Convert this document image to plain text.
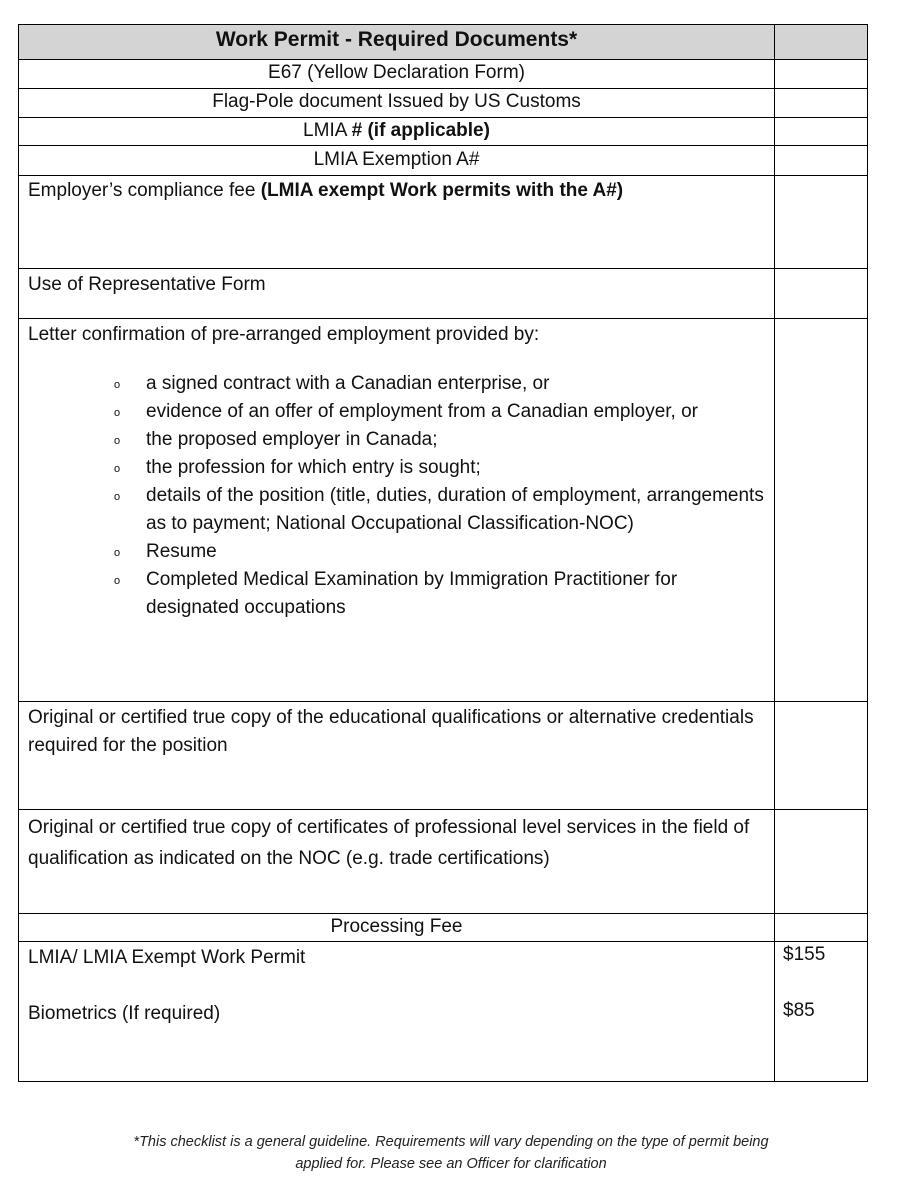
Work Permit - Required Documents*
E67 (Yellow Declaration Form)
Flag-Pole document Issued by US Customs
LMIA # (if applicable)
LMIA Exemption A#
Employer’s compliance fee (LMIA exempt Work permits with the A#)
Use of Representative Form
Letter confirmation of pre-arranged employment provided by:
o a signed contract with a Canadian enterprise, or
o evidence of an offer of employment from a Canadian employer, or
o the proposed employer in Canada;
o the profession for which entry is sought;
o details of the position (title, duties, duration of employment, arrangements as to payment; National Occupational Classification-NOC)
o Resume
o Completed Medical Examination by Immigration Practitioner for designated occupations
Original or certified true copy of the educational qualifications or alternative credentials required for the position
Original or certified true copy of certificates of professional level services in the field of qualification as indicated on the NOC (e.g. trade certifications)
Processing Fee
LMIA/ LMIA Exempt Work Permit	$155
Biometrics (If required)	$85
*This checklist is a general guideline. Requirements will vary depending on the type of permit being
applied for. Please see an Officer for clarification
